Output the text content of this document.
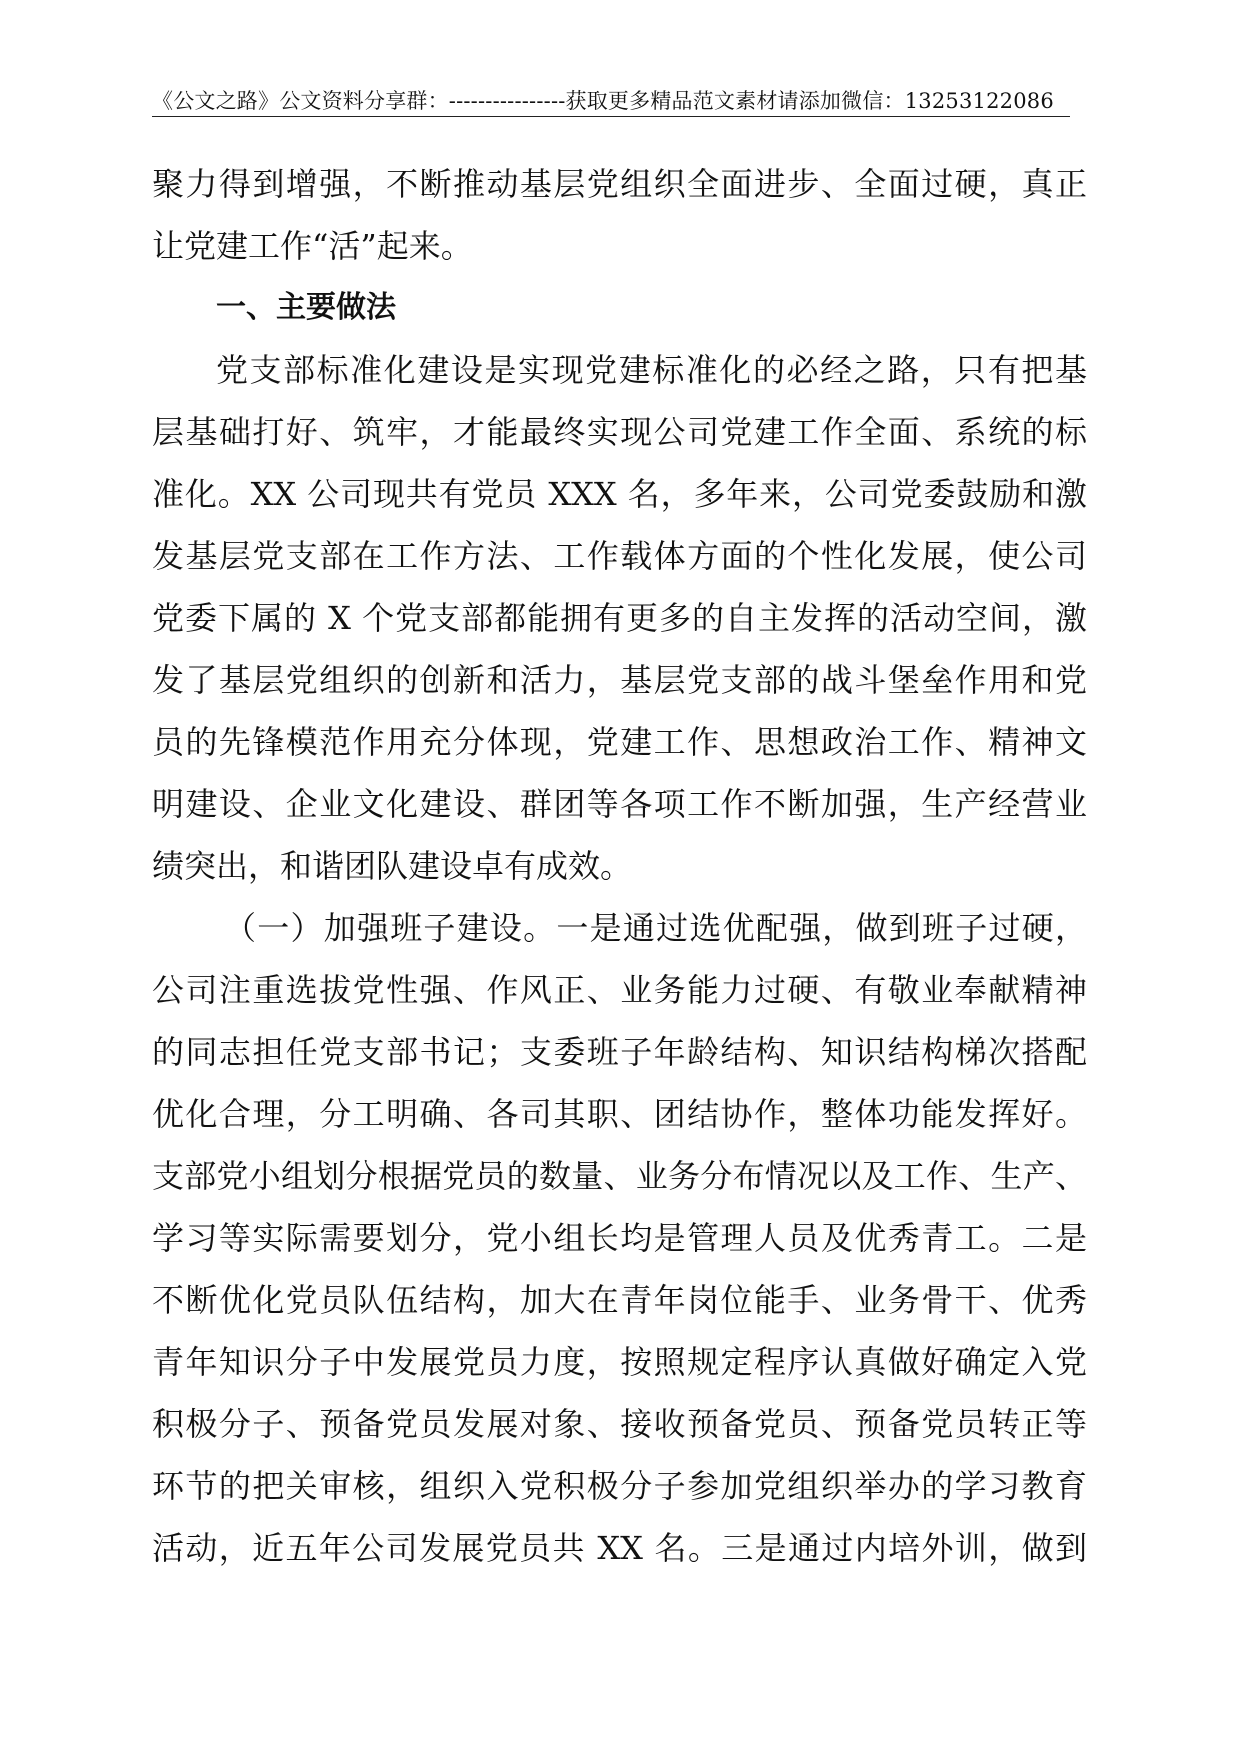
《公文之路》公文资料分享群：----------------获取更多精品范文素材请添加微信：13253122086
聚力得到增强，不断推动基层党组织全面进步、全面过硬，真正
让党建工作“活”起来。
一、主要做法
党支部标准化建设是实现党建标准化的必经之路，只有把基
层基础打好、筑牢，才能最终实现公司党建工作全面、系统的标
准化。XX 公司现共有党员 XXX 名，多年来，公司党委鼓励和激
发基层党支部在工作方法、工作载体方面的个性化发展，使公司
党委下属的 X 个党支部都能拥有更多的自主发挥的活动空间，激
发了基层党组织的创新和活力，基层党支部的战斗堡垒作用和党
员的先锋模范作用充分体现，党建工作、思想政治工作、精神文
明建设、企业文化建设、群团等各项工作不断加强，生产经营业
绩突出，和谐团队建设卓有成效。
（一）加强班子建设。一是通过选优配强，做到班子过硬，
公司注重选拔党性强、作风正、业务能力过硬、有敬业奉献精神
的同志担任党支部书记；支委班子年龄结构、知识结构梯次搭配
优化合理，分工明确、各司其职、团结协作，整体功能发挥好。
支部党小组划分根据党员的数量、业务分布情况以及工作、生产、
学习等实际需要划分，党小组长均是管理人员及优秀青工。二是
不断优化党员队伍结构，加大在青年岗位能手、业务骨干、优秀
青年知识分子中发展党员力度，按照规定程序认真做好确定入党
积极分子、预备党员发展对象、接收预备党员、预备党员转正等
环节的把关审核，组织入党积极分子参加党组织举办的学习教育
活动，近五年公司发展党员共 XX 名。三是通过内培外训，做到
